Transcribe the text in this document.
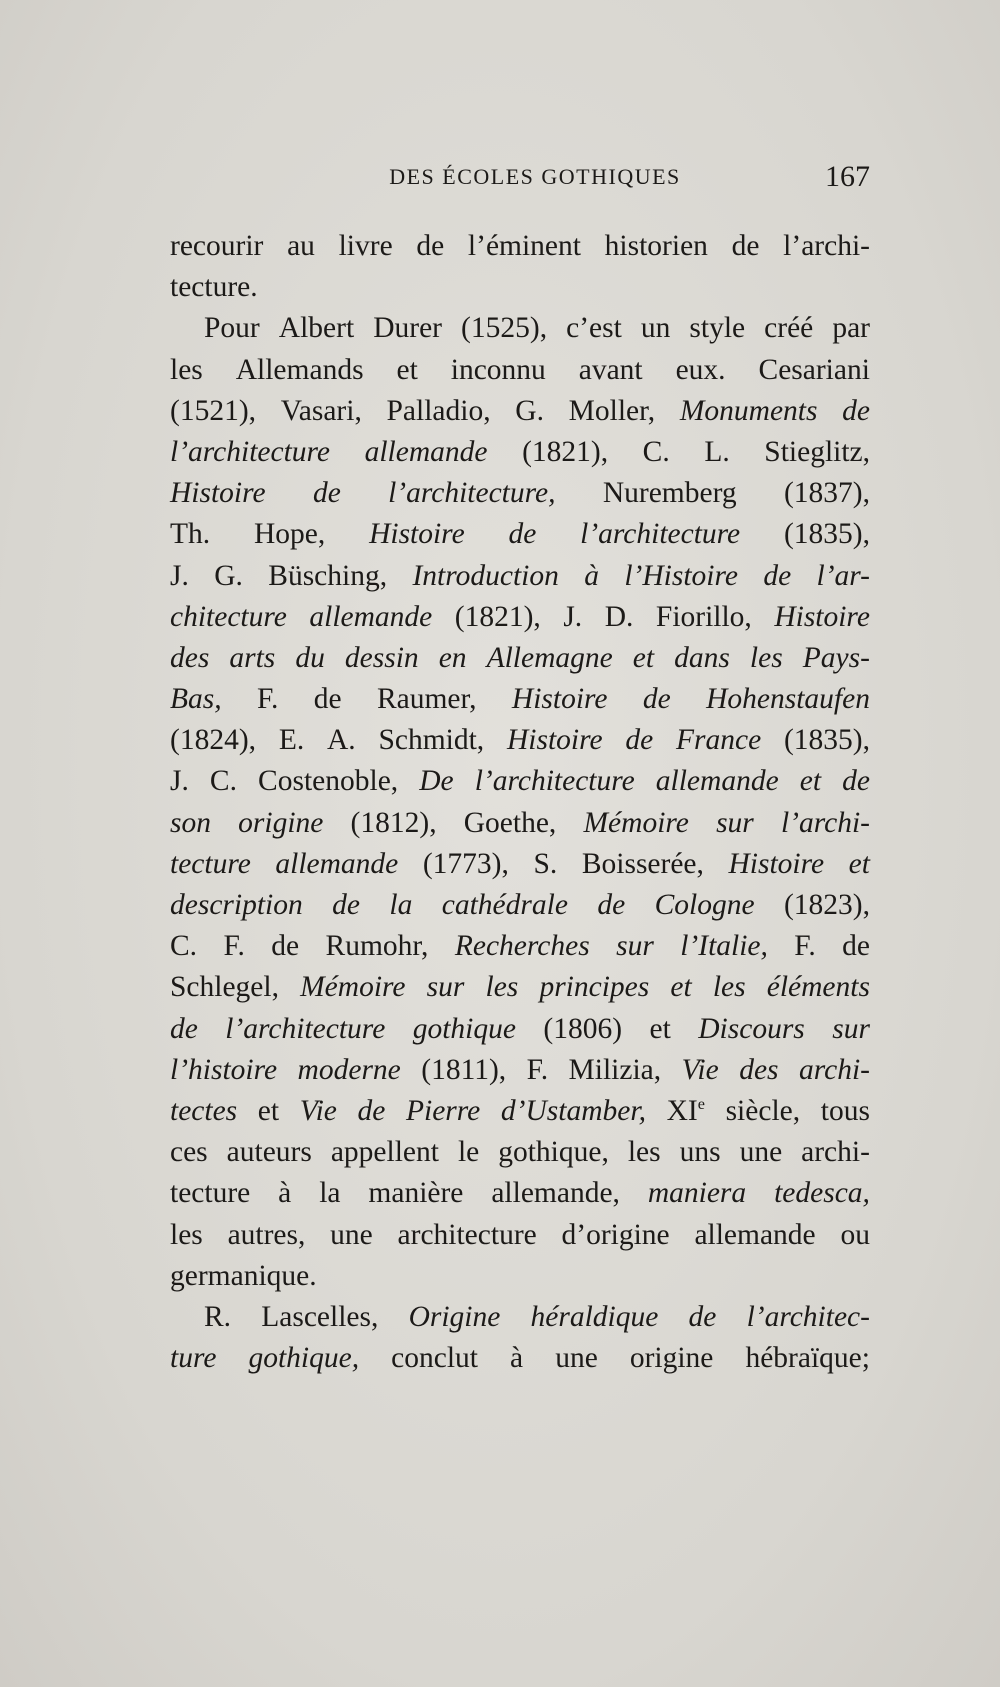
DES ÉCOLES GOTHIQUES	167
recourir au livre de l’éminent historien de l’archi-
tecture.
Pour Albert Durer (1525), c’est un style créé par
les Allemands et inconnu avant eux. Cesariani
(1521), Vasari, Palladio, G. Moller, Monuments de
l’architecture allemande (1821), C. L. Stieglitz,
Histoire de l’architecture, Nuremberg (1837),
Th. Hope, Histoire de l’architecture (1835),
J. G. Büsching, Introduction à l’Histoire de l’ar-
chitecture allemande (1821), J. D. Fiorillo, Histoire
des arts du dessin en Allemagne et dans les Pays-
Bas, F. de Raumer, Histoire de Hohenstaufen
(1824), E. A. Schmidt, Histoire de France (1835),
J. C. Costenoble, De l’architecture allemande et de
son origine (1812), Goethe, Mémoire sur l’archi-
tecture allemande (1773), S. Boisserée, Histoire et
description de la cathédrale de Cologne (1823),
C. F. de Rumohr, Recherches sur l’Italie, F. de
Schlegel, Mémoire sur les principes et les éléments
de l’architecture gothique (1806) et Discours sur
l’histoire moderne (1811), F. Milizia, Vie des archi-
tectes et Vie de Pierre d’Ustamber, XIe siècle, tous
ces auteurs appellent le gothique, les uns une archi-
tecture à la manière allemande, maniera tedesca,
les autres, une architecture d’origine allemande ou
germanique.
R. Lascelles, Origine héraldique de l’architec-
ture gothique, conclut à une origine hébraïque;
